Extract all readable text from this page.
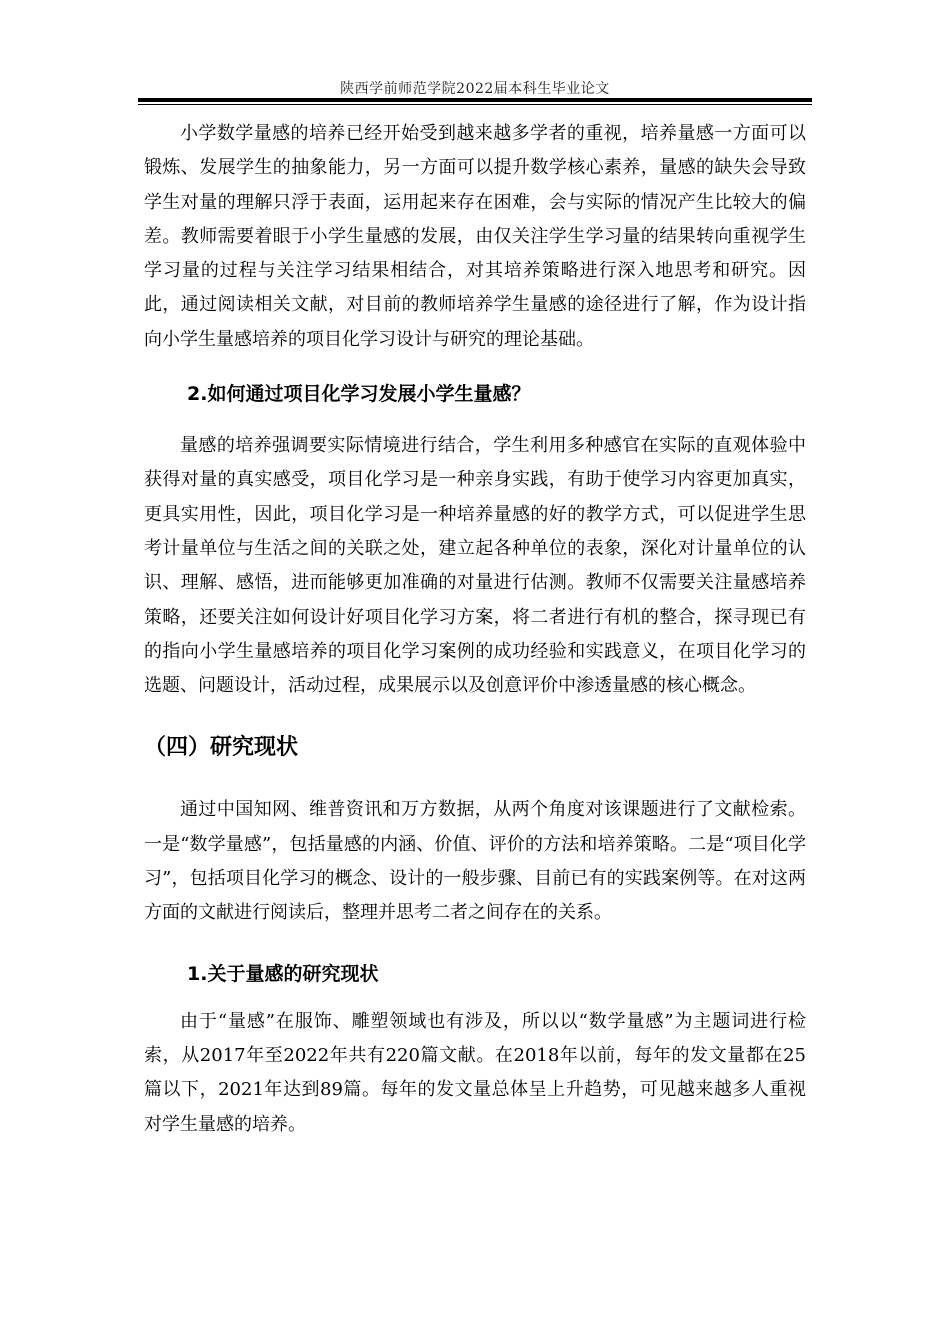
陕西学前师范学院2022届本科生毕业论文

小学数学量感的培养已经开始受到越来越多学者的重视，培养量感一方面可以锻炼、发展学生的抽象能力，另一方面可以提升数学核心素养，量感的缺失会导致学生对量的理解只浮于表面，运用起来存在困难，会与实际的情况产生比较大的偏差。教师需要着眼于小学生量感的发展，由仅关注学生学习量的结果转向重视学生学习量的过程与关注学习结果相结合，对其培养策略进行深入地思考和研究。因此，通过阅读相关文献，对目前的教师培养学生量感的途径进行了解，作为设计指向小学生量感培养的项目化学习设计与研究的理论基础。

2.如何通过项目化学习发展小学生量感？

量感的培养强调要实际情境进行结合，学生利用多种感官在实际的直观体验中获得对量的真实感受，项目化学习是一种亲身实践，有助于使学习内容更加真实，更具实用性，因此，项目化学习是一种培养量感的好的教学方式，可以促进学生思考计量单位与生活之间的关联之处，建立起各种单位的表象，深化对计量单位的认识、理解、感悟，进而能够更加准确的对量进行估测。教师不仅需要关注量感培养策略，还要关注如何设计好项目化学习方案，将二者进行有机的整合，探寻现已有的指向小学生量感培养的项目化学习案例的成功经验和实践意义，在项目化学习的选题、问题设计，活动过程，成果展示以及创意评价中渗透量感的核心概念。

（四）研究现状

通过中国知网、维普资讯和万方数据，从两个角度对该课题进行了文献检索。一是“数学量感”，包括量感的内涵、价值、评价的方法和培养策略。二是“项目化学习”，包括项目化学习的概念、设计的一般步骤、目前已有的实践案例等。在对这两方面的文献进行阅读后，整理并思考二者之间存在的关系。

1.关于量感的研究现状

由于“量感”在服饰、雕塑领域也有涉及，所以以“数学量感”为主题词进行检索，从2017年至2022年共有220篇文献。在2018年以前，每年的发文量都在25篇以下，2021年达到89篇。每年的发文量总体呈上升趋势，可见越来越多人重视对学生量感的培养。
